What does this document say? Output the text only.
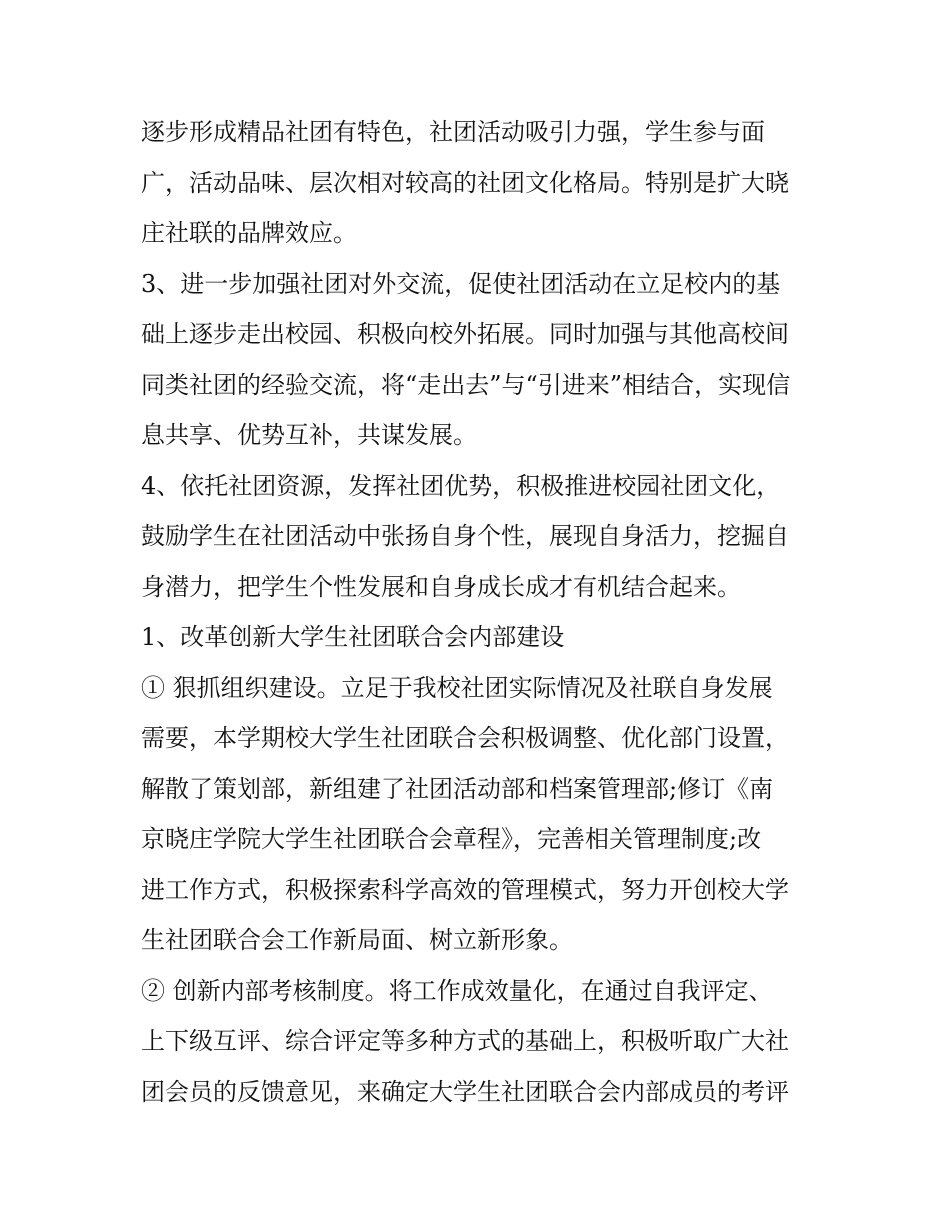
逐步形成精品社团有特色，社团活动吸引力强，学生参与面
广，活动品味、层次相对较高的社团文化格局。特别是扩大晓
庄社联的品牌效应。
3、进一步加强社团对外交流，促使社团活动在立足校内的基
础上逐步走出校园、积极向校外拓展。同时加强与其他高校间
同类社团的经验交流，将“走出去”与“引进来”相结合，实现信
息共享、优势互补，共谋发展。
4、依托社团资源，发挥社团优势，积极推进校园社团文化，
鼓励学生在社团活动中张扬自身个性，展现自身活力，挖掘自
身潜力，把学生个性发展和自身成长成才有机结合起来。
1、改革创新大学生社团联合会内部建设
① 狠抓组织建设。立足于我校社团实际情况及社联自身发展
需要，本学期校大学生社团联合会积极调整、优化部门设置，
解散了策划部，新组建了社团活动部和档案管理部;修订《南
京晓庄学院大学生社团联合会章程》，完善相关管理制度;改
进工作方式，积极探索科学高效的管理模式，努力开创校大学
生社团联合会工作新局面、树立新形象。
② 创新内部考核制度。将工作成效量化，在通过自我评定、
上下级互评、综合评定等多种方式的基础上，积极听取广大社
团会员的反馈意见，来确定大学生社团联合会内部成员的考评
